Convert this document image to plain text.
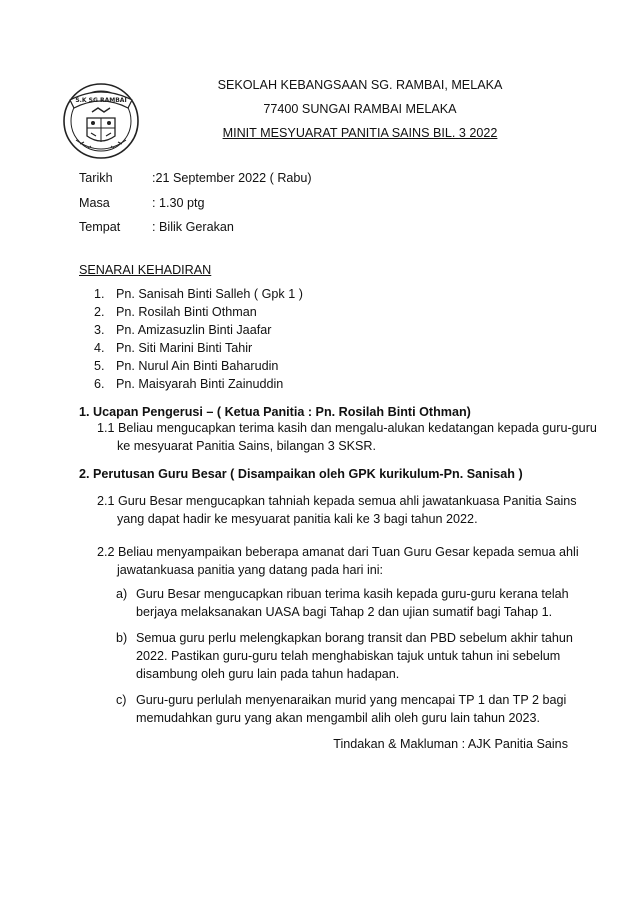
S.K SG RAMBAI
SEKOLAH KEBANGSAAN SG. RAMBAI, MELAKA
77400 SUNGAI RAMBAI MELAKA
MINIT MESYUARAT PANITIA SAINS BIL. 3 2022
Tarikh	:21 September 2022 ( Rabu)
Masa	: 1.30 ptg
Tempat	: Bilik Gerakan
SENARAI KEHADIRAN
1. Pn. Sanisah Binti Salleh ( Gpk 1 )
2. Pn. Rosilah Binti Othman
3. Pn. Amizasuzlin Binti Jaafar
4. Pn. Siti Marini Binti Tahir
5. Pn. Nurul Ain Binti Baharudin
6. Pn. Maisyarah Binti Zainuddin
1. Ucapan Pengerusi – ( Ketua Panitia : Pn. Rosilah Binti Othman)
1.1 Beliau mengucapkan terima kasih dan mengalu-alukan kedatangan kepada guru-guru
ke mesyuarat Panitia Sains, bilangan 3 SKSR.
2. Perutusan Guru Besar ( Disampaikan oleh GPK kurikulum-Pn. Sanisah )
2.1 Guru Besar mengucapkan tahniah kepada semua ahli jawatankuasa Panitia Sains
yang dapat hadir ke mesyuarat panitia kali ke 3 bagi tahun 2022.
2.2 Beliau menyampaikan beberapa amanat dari Tuan Guru Gesar kepada semua ahli
jawatankuasa panitia yang datang pada hari ini:
a) Guru Besar mengucapkan ribuan terima kasih kepada guru-guru kerana telah
berjaya melaksanakan UASA bagi Tahap 2 dan ujian sumatif bagi Tahap 1.
b) Semua guru perlu melengkapkan borang transit dan PBD sebelum akhir tahun
2022. Pastikan guru-guru telah menghabiskan tajuk untuk tahun ini sebelum
disambung oleh guru lain pada tahun hadapan.
c) Guru-guru perlulah menyenaraikan murid yang mencapai TP 1 dan TP 2 bagi
memudahkan guru yang akan mengambil alih oleh guru lain tahun 2023.
Tindakan & Makluman : AJK Panitia Sains
